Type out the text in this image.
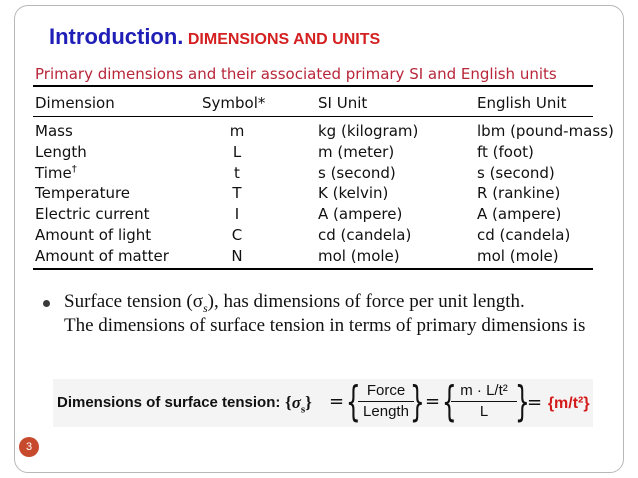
Introduction. DIMENSIONS AND UNITS
Primary dimensions and their associated primary SI and English units
Dimension	Symbol*	SI Unit	English Unit
Mass	m	kg (kilogram)	lbm (pound-mass)
Length	L	m (meter)	ft (foot)
Time†	t	s (second)	s (second)
Temperature	T	K (kelvin)	R (rankine)
Electric current	I	A (ampere)	A (ampere)
Amount of light	C	cd (candela)	cd (candela)
Amount of matter	N	mol (mole)	mol (mole)
Surface tension $(\sigma_s)$, has dimensions of force per unit length.
The dimensions of surface tension in terms of primary dimensions is
Dimensions of surface tension: $\{\sigma_s\}$ = { Force
Length } = {
$\frac{\text{m · L/t²}}{L}$
}
= {m/t²}
3
